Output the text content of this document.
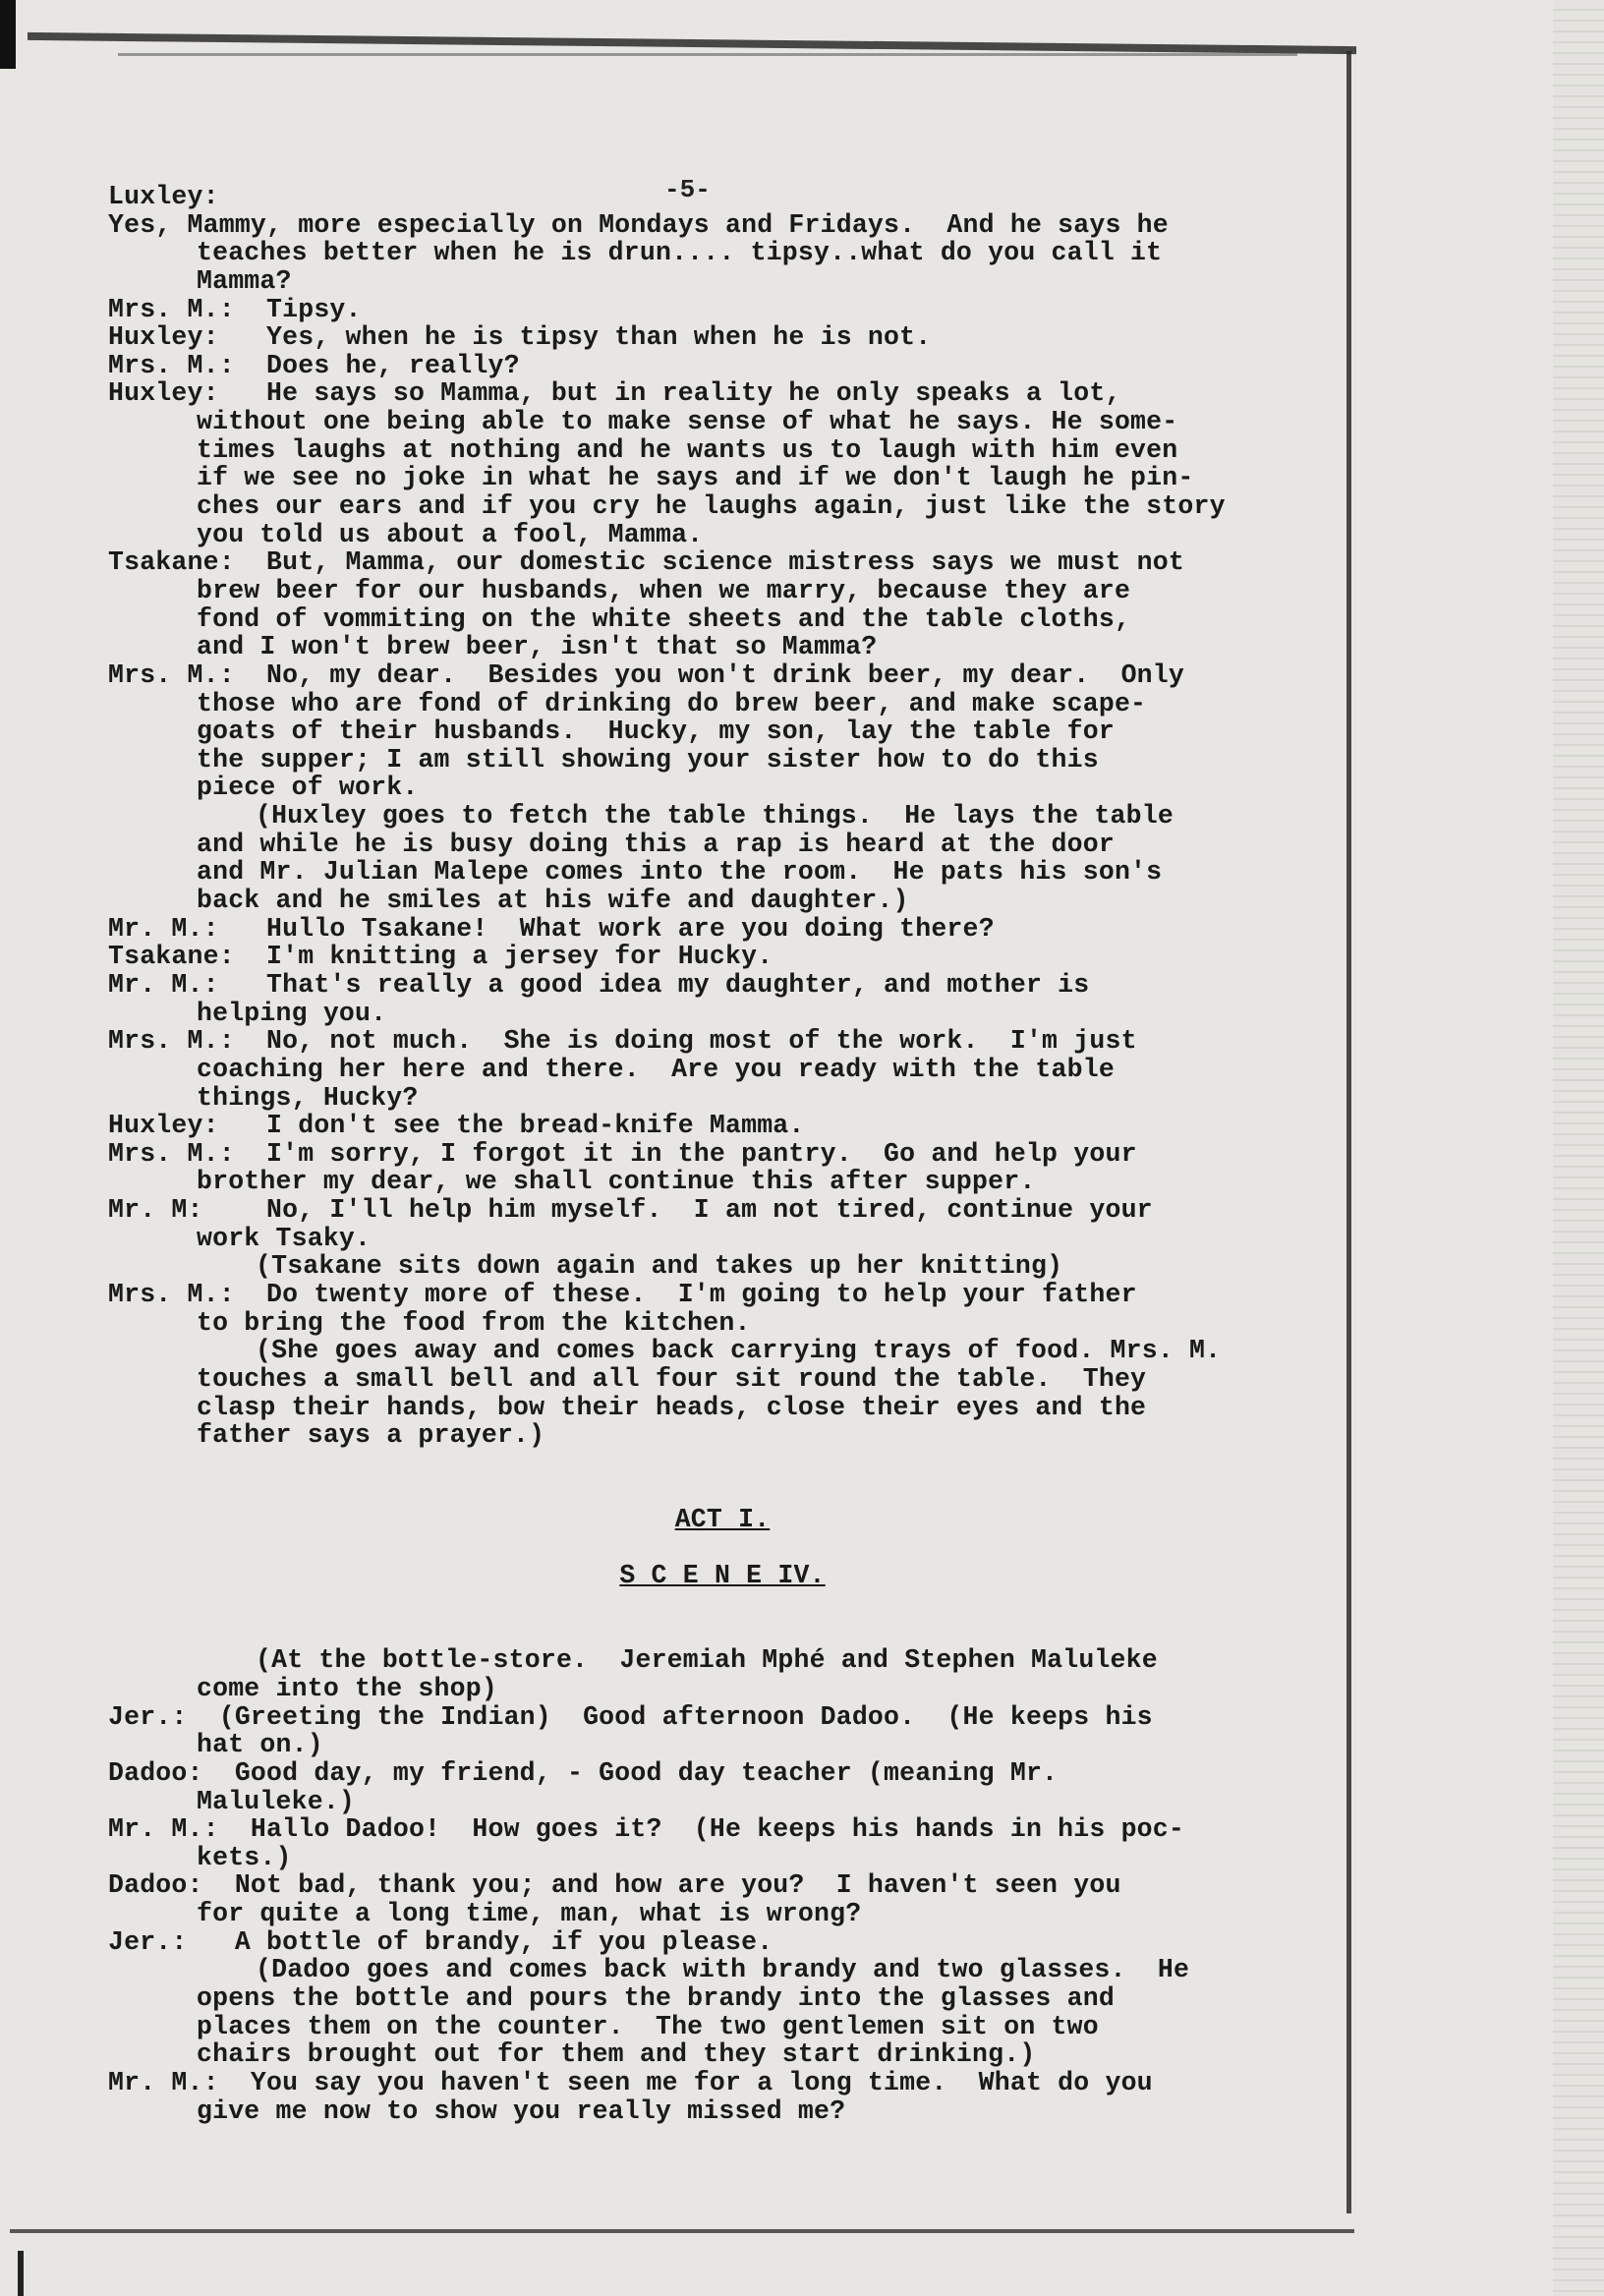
-5-
Luxley:
Yes, Mammy, more especially on Mondays and Fridays.  And he says he
teaches better when he is drun.... tipsy..what do you call it
Mamma?
Mrs. M.:  Tipsy.
Huxley:   Yes, when he is tipsy than when he is not.
Mrs. M.:  Does he, really?
Huxley:   He says so Mamma, but in reality he only speaks a lot,
without one being able to make sense of what he says. He some-
times laughs at nothing and he wants us to laugh with him even
if we see no joke in what he says and if we don't laugh he pin-
ches our ears and if you cry he laughs again, just like the story
you told us about a fool, Mamma.
Tsakane:  But, Mamma, our domestic science mistress says we must not
brew beer for our husbands, when we marry, because they are
fond of vommiting on the white sheets and the table cloths,
and I won't brew beer, isn't that so Mamma?
Mrs. M.:  No, my dear.  Besides you won't drink beer, my dear.  Only
those who are fond of drinking do brew beer, and make scape-
goats of their husbands.  Hucky, my son, lay the table for
the supper; I am still showing your sister how to do this
piece of work.
(Huxley goes to fetch the table things.  He lays the table
and while he is busy doing this a rap is heard at the door
and Mr. Julian Malepe comes into the room.  He pats his son's
back and he smiles at his wife and daughter.)
Mr. M.:   Hullo Tsakane!  What work are you doing there?
Tsakane:  I'm knitting a jersey for Hucky.
Mr. M.:   That's really a good idea my daughter, and mother is
helping you.
Mrs. M.:  No, not much.  She is doing most of the work.  I'm just
coaching her here and there.  Are you ready with the table
things, Hucky?
Huxley:   I don't see the bread-knife Mamma.
Mrs. M.:  I'm sorry, I forgot it in the pantry.  Go and help your
brother my dear, we shall continue this after supper.
Mr. M:    No, I'll help him myself.  I am not tired, continue your
work Tsaky.
(Tsakane sits down again and takes up her knitting)
Mrs. M.:  Do twenty more of these.  I'm going to help your father
to bring the food from the kitchen.
(She goes away and comes back carrying trays of food. Mrs. M.
touches a small bell and all four sit round the table.  They
clasp their hands, bow their heads, close their eyes and the
father says a prayer.)
ACT I.
S C E N E IV.
(At the bottle-store.  Jeremiah Mphé and Stephen Maluleke
come into the shop)
Jer.:  (Greeting the Indian)  Good afternoon Dadoo.  (He keeps his
hat on.)
Dadoo:  Good day, my friend, - Good day teacher (meaning Mr.
Maluleke.)
Mr. M.:  Hallo Dadoo!  How goes it?  (He keeps his hands in his poc-
kets.)
Dadoo:  Not bad, thank you; and how are you?  I haven't seen you
for quite a long time, man, what is wrong?
Jer.:   A bottle of brandy, if you please.
(Dadoo goes and comes back with brandy and two glasses.  He
opens the bottle and pours the brandy into the glasses and
places them on the counter.  The two gentlemen sit on two
chairs brought out for them and they start drinking.)
Mr. M.:  You say you haven't seen me for a long time.  What do you
give me now to show you really missed me?
